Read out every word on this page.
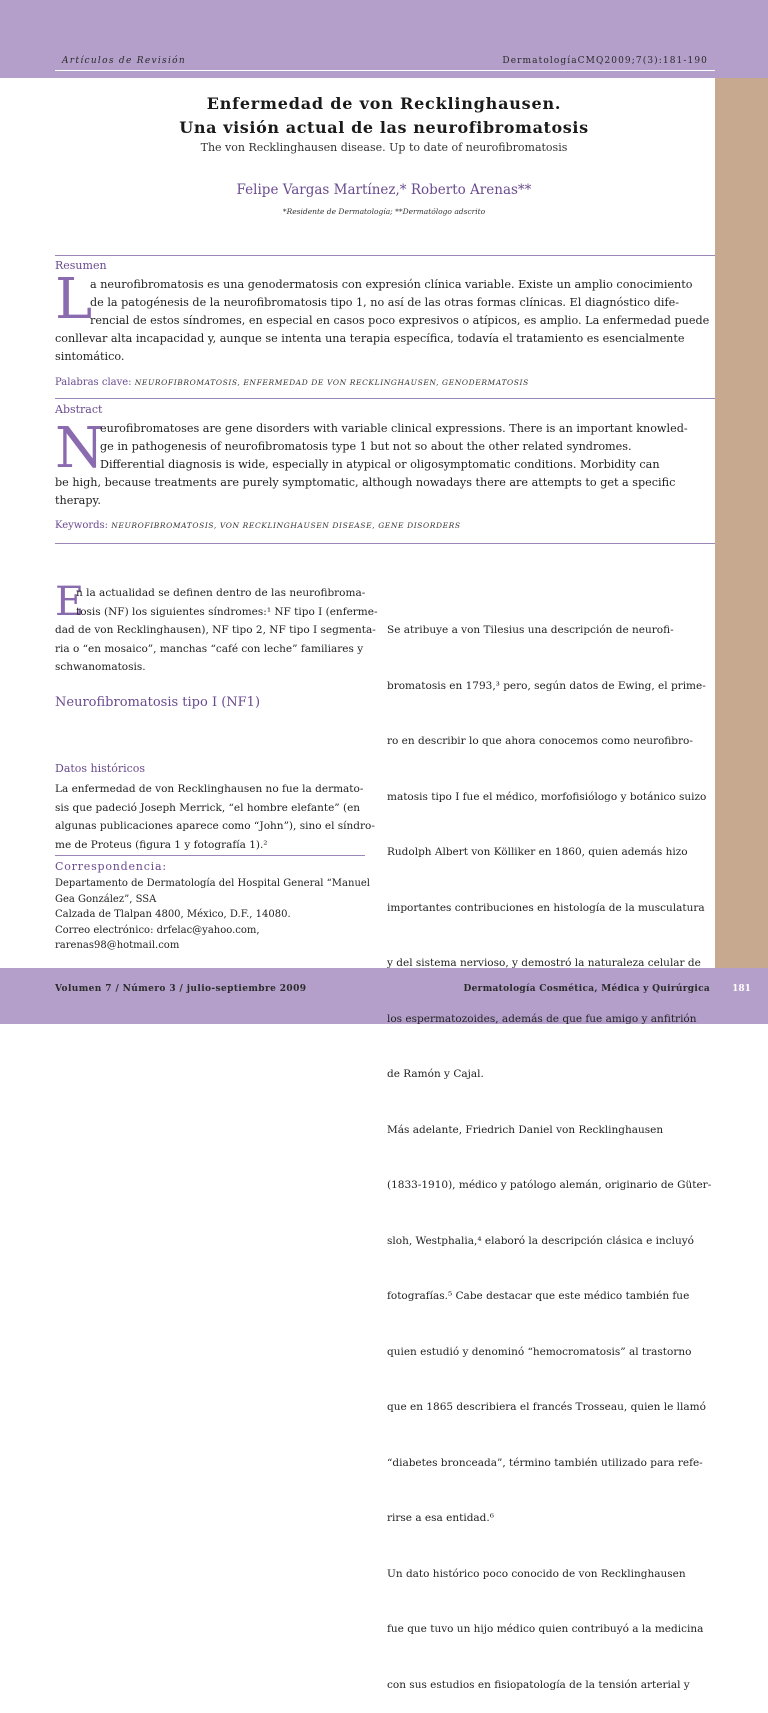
Artículos de Revisión	DermatologíaCMQ2009;7(3):181-190
Enfermedad de von Recklinghausen.
Una visión actual de las neurofibromatosis
The von Recklinghausen disease. Up to date of neurofibromatosis
Felipe Vargas Martínez,* Roberto Arenas**
*Residente de Dermatología; **Dermatólogo adscrito
Resumen
L
a neurofibromatosis es una genodermatosis con expresión clínica variable. Existe un amplio conocimiento
de la patogénesis de la neurofibromatosis tipo 1, no así de las otras formas clínicas. El diagnóstico dife-
rencial de estos síndromes, en especial en casos poco expresivos o atípicos, es amplio. La enfermedad puede
conllevar alta incapacidad y, aunque se intenta una terapia específica, todavía el tratamiento es esencialmente
sintomático.
Palabras clave: NEUROFIBROMATOSIS, ENFERMEDAD DE VON RECKLINGHAUSEN, GENODERMATOSIS
Abstract
N
eurofibromatoses are gene disorders with variable clinical expressions. There is an important knowled-
ge in pathogenesis of neurofibromatosis type 1 but not so about the other related syndromes.
Differential diagnosis is wide, especially in atypical or oligosymptomatic conditions. Morbidity can
be high, because treatments are purely symptomatic, although nowadays there are attempts to get a specific
therapy.
Keywords: NEUROFIBROMATOSIS, VON RECKLINGHAUSEN DISEASE, GENE DISORDERS
E
n la actualidad se definen dentro de las neurofibroma-
tosis (NF) los siguientes síndromes:¹ NF tipo I (enferme-
dad de von Recklinghausen), NF tipo 2, NF tipo I segmenta-
ria o “en mosaico”, manchas “café con leche” familiares y
schwanomatosis.
Neurofibromatosis tipo I (NF1)
Datos históricos
La enfermedad de von Recklinghausen no fue la dermato-
sis que padeció Joseph Merrick, “el hombre elefante” (en
algunas publicaciones aparece como “John”), sino el síndro-
me de Proteus (figura 1 y fotografía 1).²
Correspondencia:
Departamento de Dermatología del Hospital General “Manuel
Gea González”, SSA
Calzada de Tlalpan 4800, México, D.F., 14080.
Correo electrónico: drfelac@yahoo.com,
rarenas98@hotmail.com

Se atribuye a von Tilesius una descripción de neurofi-

bromatosis en 1793,³ pero, según datos de Ewing, el prime-

ro en describir lo que ahora conocemos como neurofibro-

matosis tipo I fue el médico, morfofisiólogo y botánico suizo

Rudolph Albert von Kölliker en 1860, quien además hizo

importantes contribuciones en histología de la musculatura

y del sistema nervioso, y demostró la naturaleza celular de

los espermatozoides, además de que fue amigo y anfitrión

de Ramón y Cajal.

Más adelante, Friedrich Daniel von Recklinghausen

(1833-1910), médico y patólogo alemán, originario de Güter-

sloh, Westphalia,⁴ elaboró la descripción clásica e incluyó

fotografías.⁵ Cabe destacar que este médico también fue

quien estudió y denominó “hemocromatosis” al trastorno

que en 1865 describiera el francés Trosseau, quien le llamó

“diabetes bronceada”, término también utilizado para refe-

rirse a esa entidad.⁶

Un dato histórico poco conocido de von Recklinghausen

fue que tuvo un hijo médico quien contribuyó a la medicina

con sus estudios en fisiopatología de la tensión arterial y

Volumen 7 / Número 3 / julio-septiembre 2009	Dermatología Cosmética, Médica y Quirúrgica	181
